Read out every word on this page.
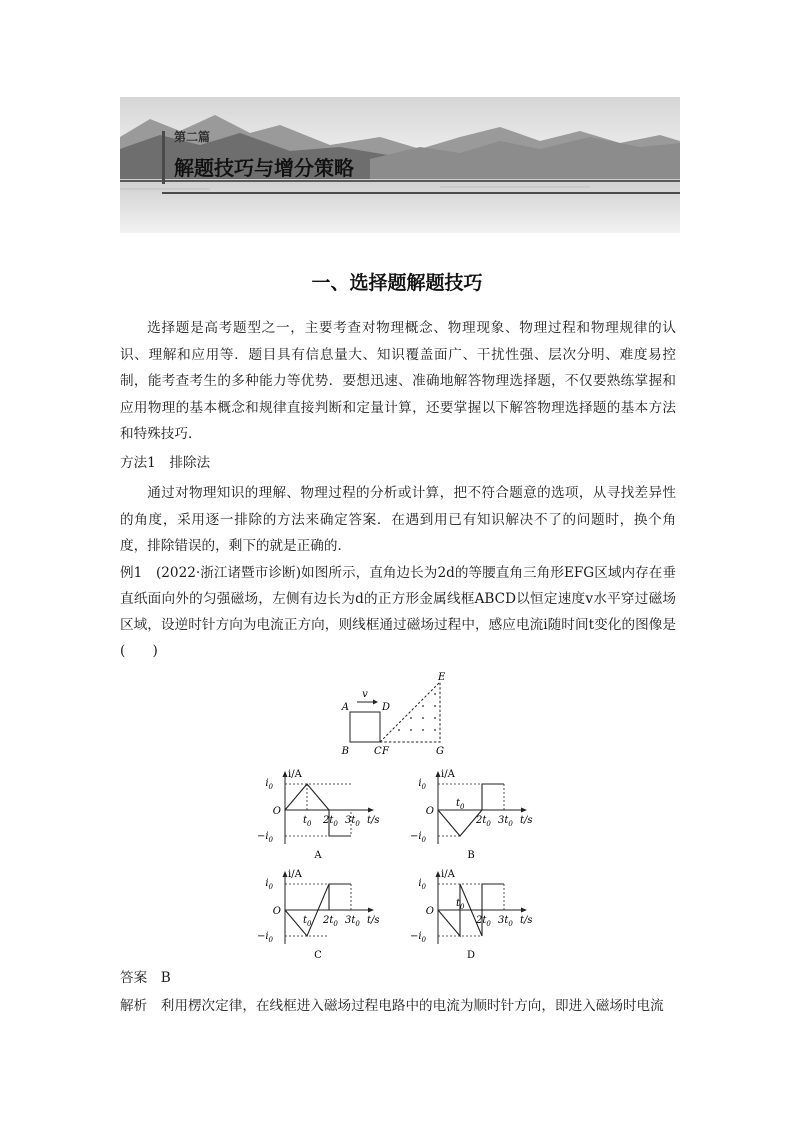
第二篇
解题技巧与增分策略
一、选择题解题技巧

选择题是高考题型之一，主要考查对物理概念、物理现象、物理过程和物理规律的认识、理解和应用等．题目具有信息量大、知识覆盖面广、干扰性强、层次分明、难度易控制，能考查考生的多种能力等优势．要想迅速、准确地解答物理选择题，不仅要熟练掌握和应用物理的基本概念和规律直接判断和定量计算，还要掌握以下解答物理选择题的基本方法和特殊技巧．

方法1　排除法

通过对物理知识的理解、物理过程的分析或计算，把不符合题意的选项，从寻找差异性的角度，采用逐一排除的方法来确定答案．在遇到用已有知识解决不了的问题时，换个角度，排除错误的，剩下的就是正确的．

例1　(2022·浙江诸暨市诊断)如图所示，直角边长为2d的等腰直角三角形EFG区域内存在垂直纸面向外的匀强磁场，左侧有边长为d的正方形金属线框ABCD以恒定速度v水平穿过磁场区域，设逆时针方向为电流正方向，则线框通过磁场过程中，感应电流i随时间t变化的图像是(　　)

v
A	D
B	C F
E
G
i/A
t/s
O
$i_0$
$-i_0$
A
$t_0$ $2t_0$ $3t_0$
i/A
t/s
O
$i_0$
$-i_0$
B
$t_0$
$2t_0$ $3t_0$
i/A
t/s
O
$i_0$
$-i_0$
C
$t_0$ $2t_0$ $3t_0$
i/A
t/s
O
$i_0$
$-i_0$
D
$t_0$
$2t_0$ $3t_0$

答案　 B

解析　 利用楞次定律，在线框进入磁场过程电路中的电流为顺时针方向，即进入磁场时电流
